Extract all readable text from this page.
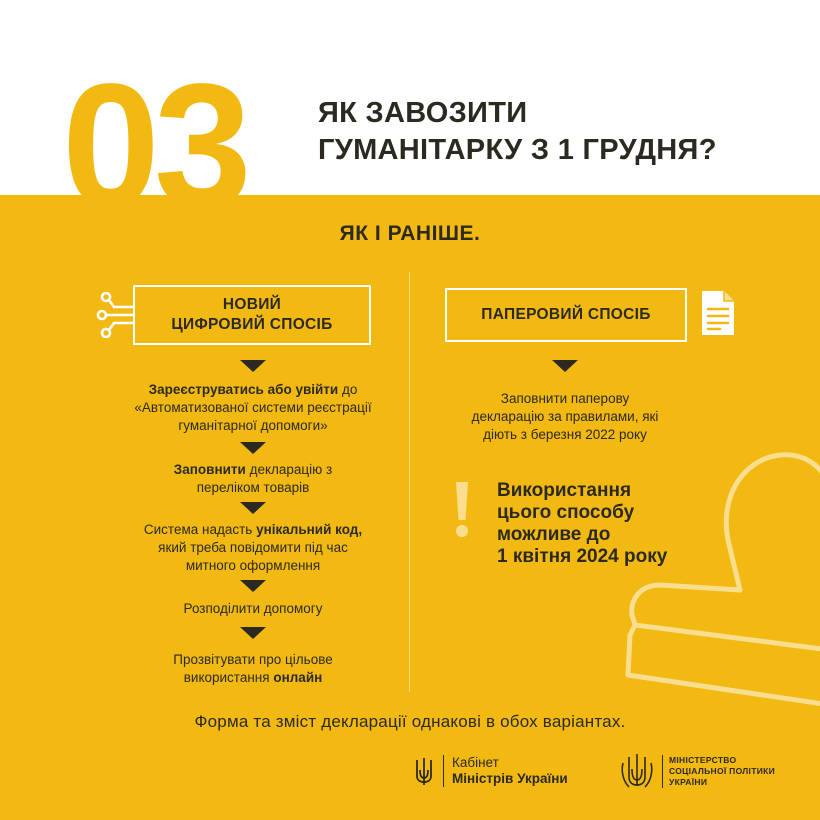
03 ЯК ЗАВОЗИТИ
ГУМАНІТАРКУ З 1 ГРУДНЯ?
ЯК І РАНІШЕ.
НОВИЙ
ЦИФРОВИЙ СПОСІБ
Зареєструватись або увійти до
«Автоматизованої системи реєстрації
гуманітарної допомоги»
Заповнити декларацію з
переліком товарів
Система надасть унікальний код,
який треба повідомити під час
митного оформлення
Розподілити допомогу
Прозвітувати про цільове
використання онлайн
ПАПЕРОВИЙ СПОСІБ
Заповнити паперову
декларацію за правилами, які
діють з березня 2022 року
Використання
цього способу
можливе до
1 квітня 2024 року
Форма та зміст декларації однакові в обох варіантах.
Кабінет
Міністрів України
МІНІСТЕРСТВО
СОЦІАЛЬНОЇ ПОЛІТИКИ
УКРАЇНИ
